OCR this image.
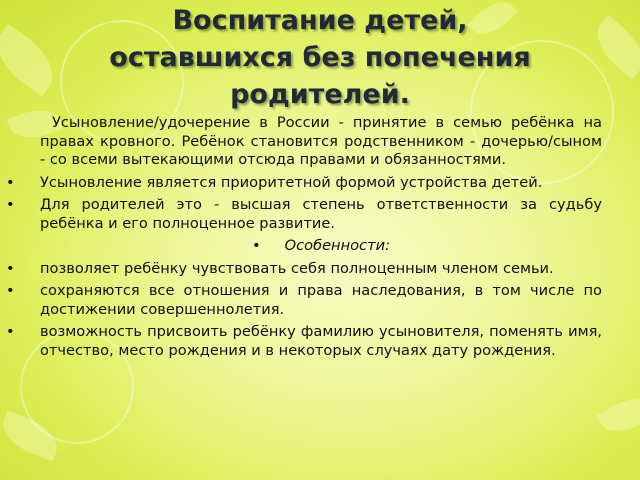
Воспитание детей,
оставшихся без попечения
родителей.

Усыновление/удочерение в России - принятие в семью ребёнка на правах кровного. Ребёнок становится родственником - дочерью/сыном - со всеми вытекающими отсюда правами и обязанностями.

• Усыновление является приоритетной формой устройства детей.
• Для родителей это - высшая степень ответственности за судьбу ребёнка и его полноценное развитие.
• Особенности:
• позволяет ребёнку чувствовать себя полноценным членом семьи.
• сохраняются все отношения и права наследования, в том числе по достижении совершеннолетия.
• возможность присвоить ребёнку фамилию усыновителя, поменять имя, отчество, место рождения и в некоторых случаях дату рождения.
